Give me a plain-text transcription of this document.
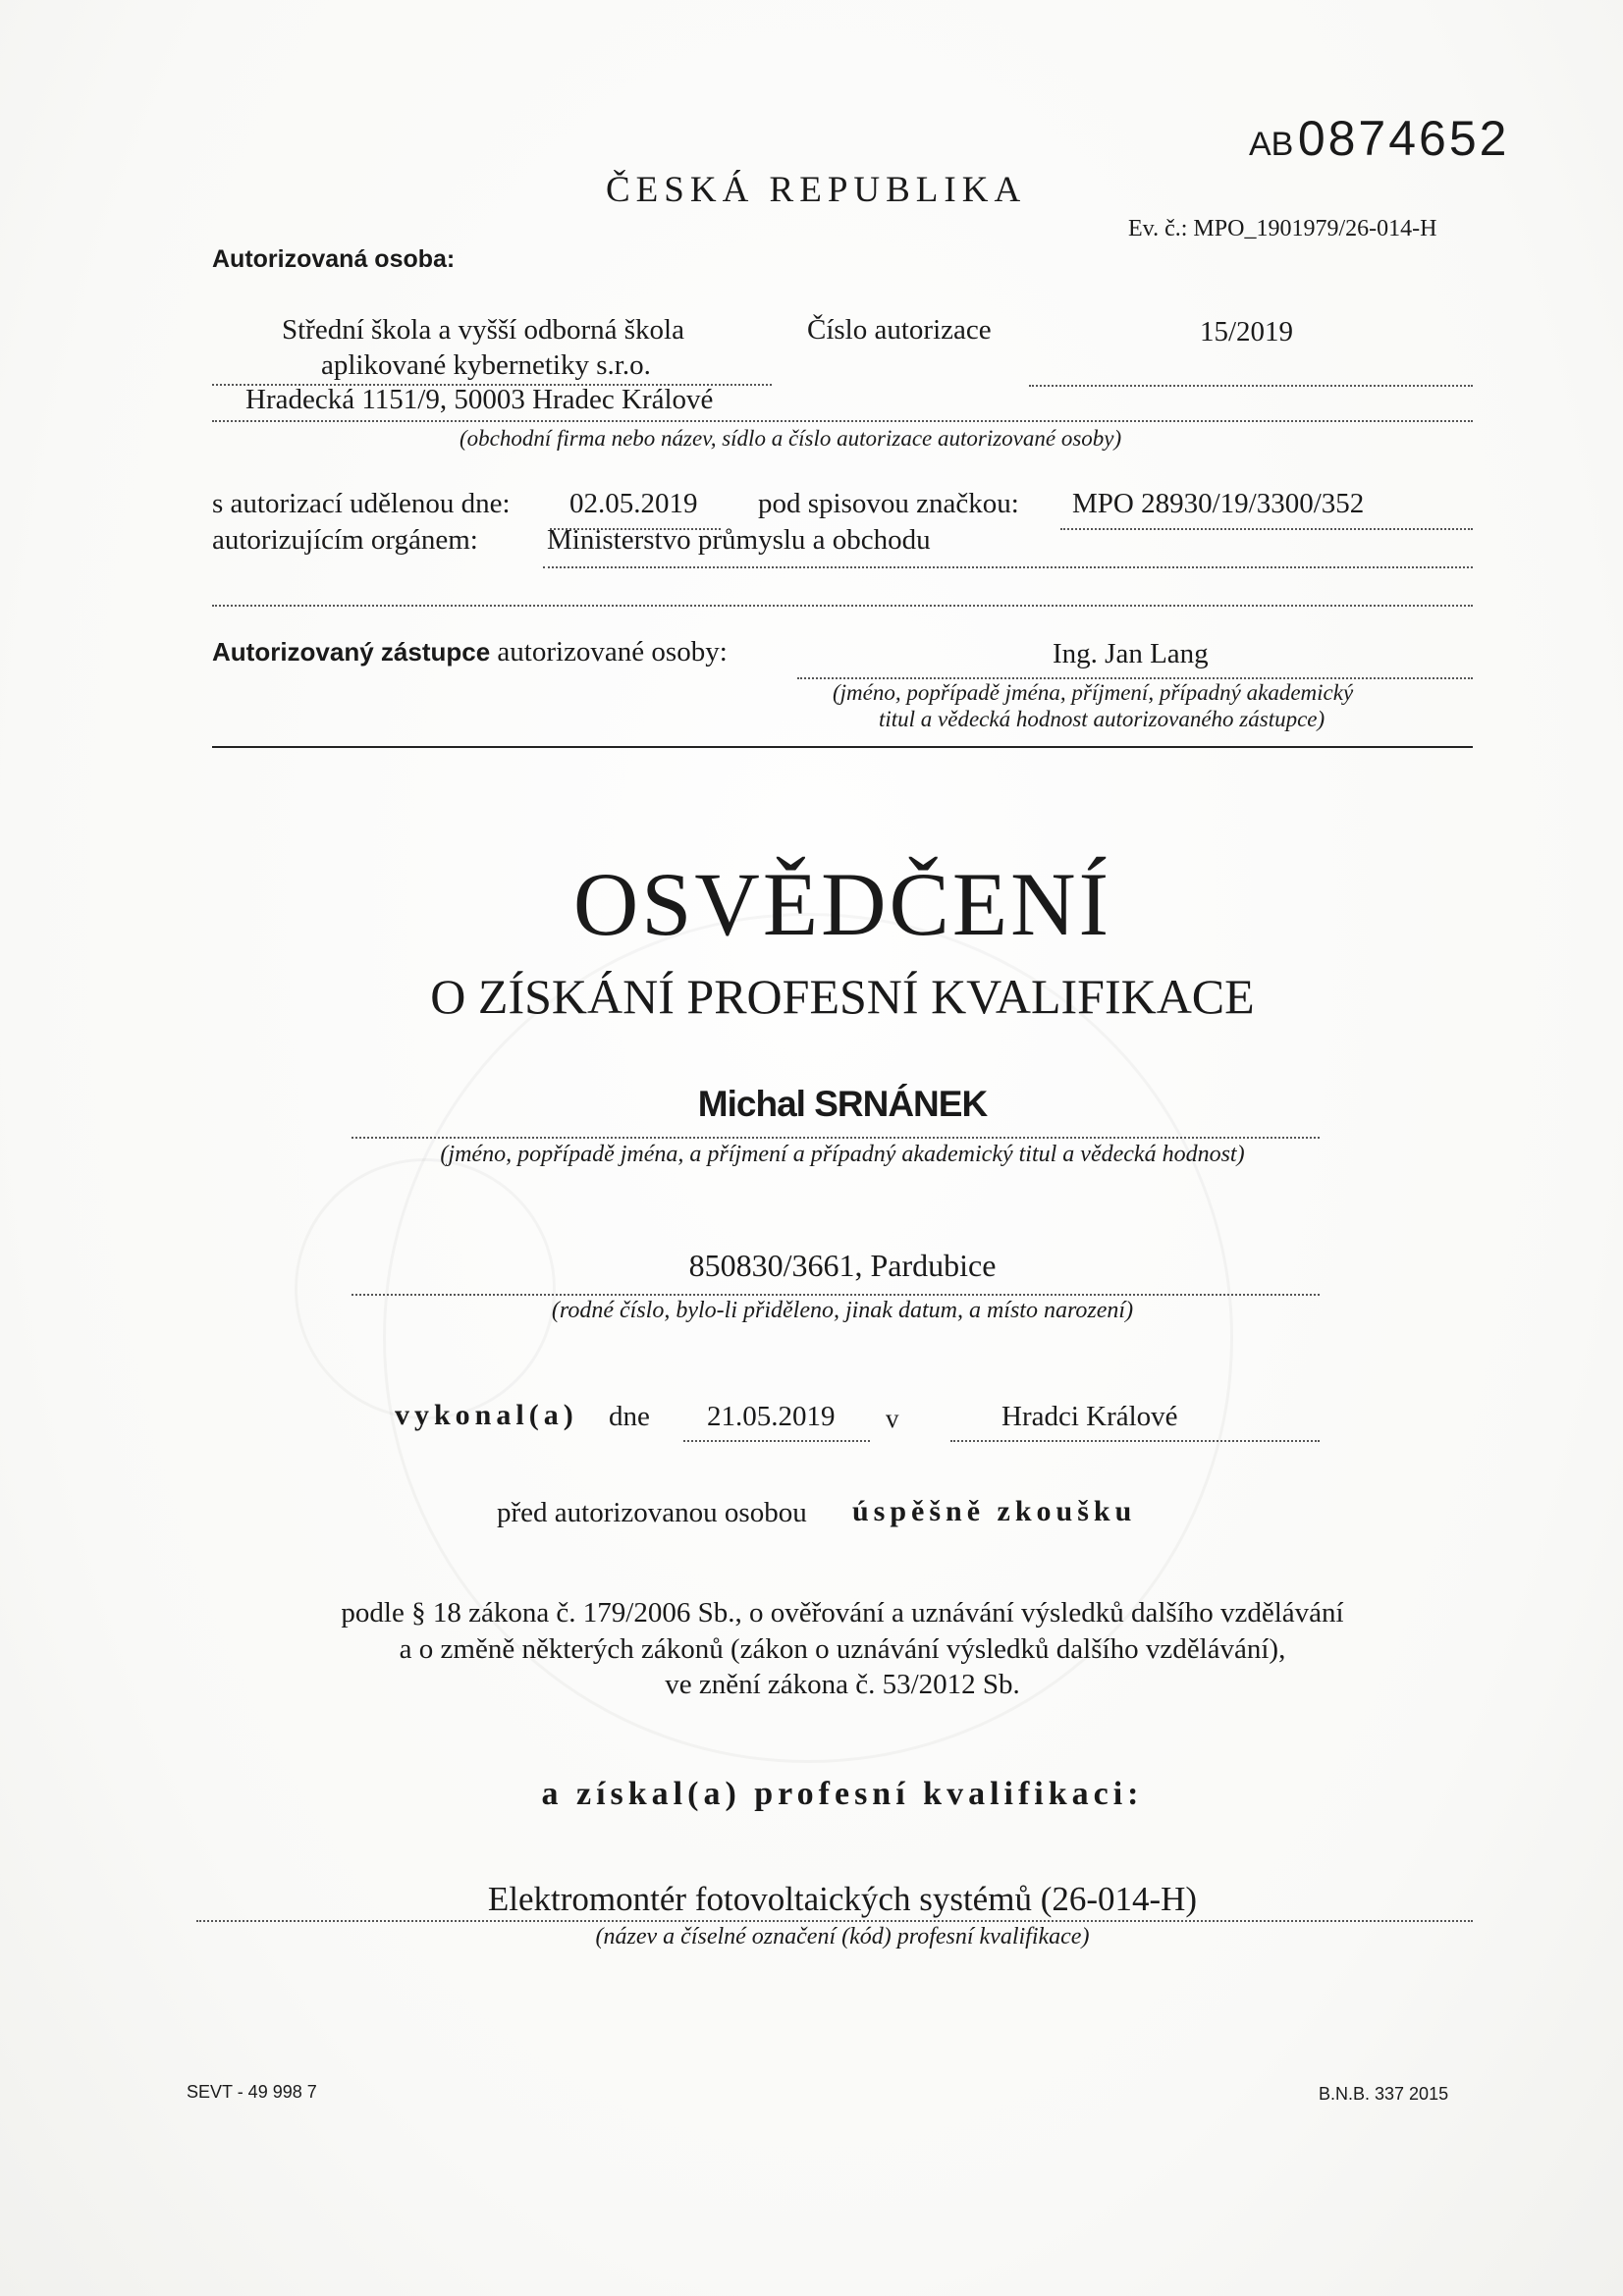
AB 0874652
ČESKÁ REPUBLIKA
Ev. č.: MPO_1901979/26-014-H
Autorizovaná osoba:
Střední škola a vyšší odborná škola
aplikované kybernetiky s.r.o.
Hradecká 1151/9, 50003 Hradec Králové
Číslo autorizace	15/2019
(obchodní firma nebo název, sídlo a číslo autorizace autorizované osoby)
s autorizací udělenou dne: 02.05.2019 pod spisovou značkou: MPO 28930/19/3300/352
autorizujícím orgánem: Ministerstvo průmyslu a obchodu
Autorizovaný zástupce autorizované osoby:	Ing. Jan Lang
(jméno, popřípadě jména, příjmení, případný akademický
titul a vědecká hodnost autorizovaného zástupce)
OSVĚDČENÍ
O ZÍSKÁNÍ PROFESNÍ KVALIFIKACE
Michal SRNÁNEK
(jméno, popřípadě jména, a příjmení a případný akademický titul a vědecká hodnost)
850830/3661, Pardubice
(rodné číslo, bylo-li přiděleno, jinak datum, a místo narození)
vykonal(a) dne 21.05.2019 v	Hradci Králové
před autorizovanou osobou úspěšně zkoušku
podle § 18 zákona č. 179/2006 Sb., o ověřování a uznávání výsledků dalšího vzdělávání
a o změně některých zákonů (zákon o uznávání výsledků dalšího vzdělávání),
ve znění zákona č. 53/2012 Sb.
a získal(a) profesní kvalifikaci:
Elektromontér fotovoltaických systémů (26-014-H)
(název a číselné označení (kód) profesní kvalifikace)
SEVT - 49 998 7	B.N.B. 337 2015
